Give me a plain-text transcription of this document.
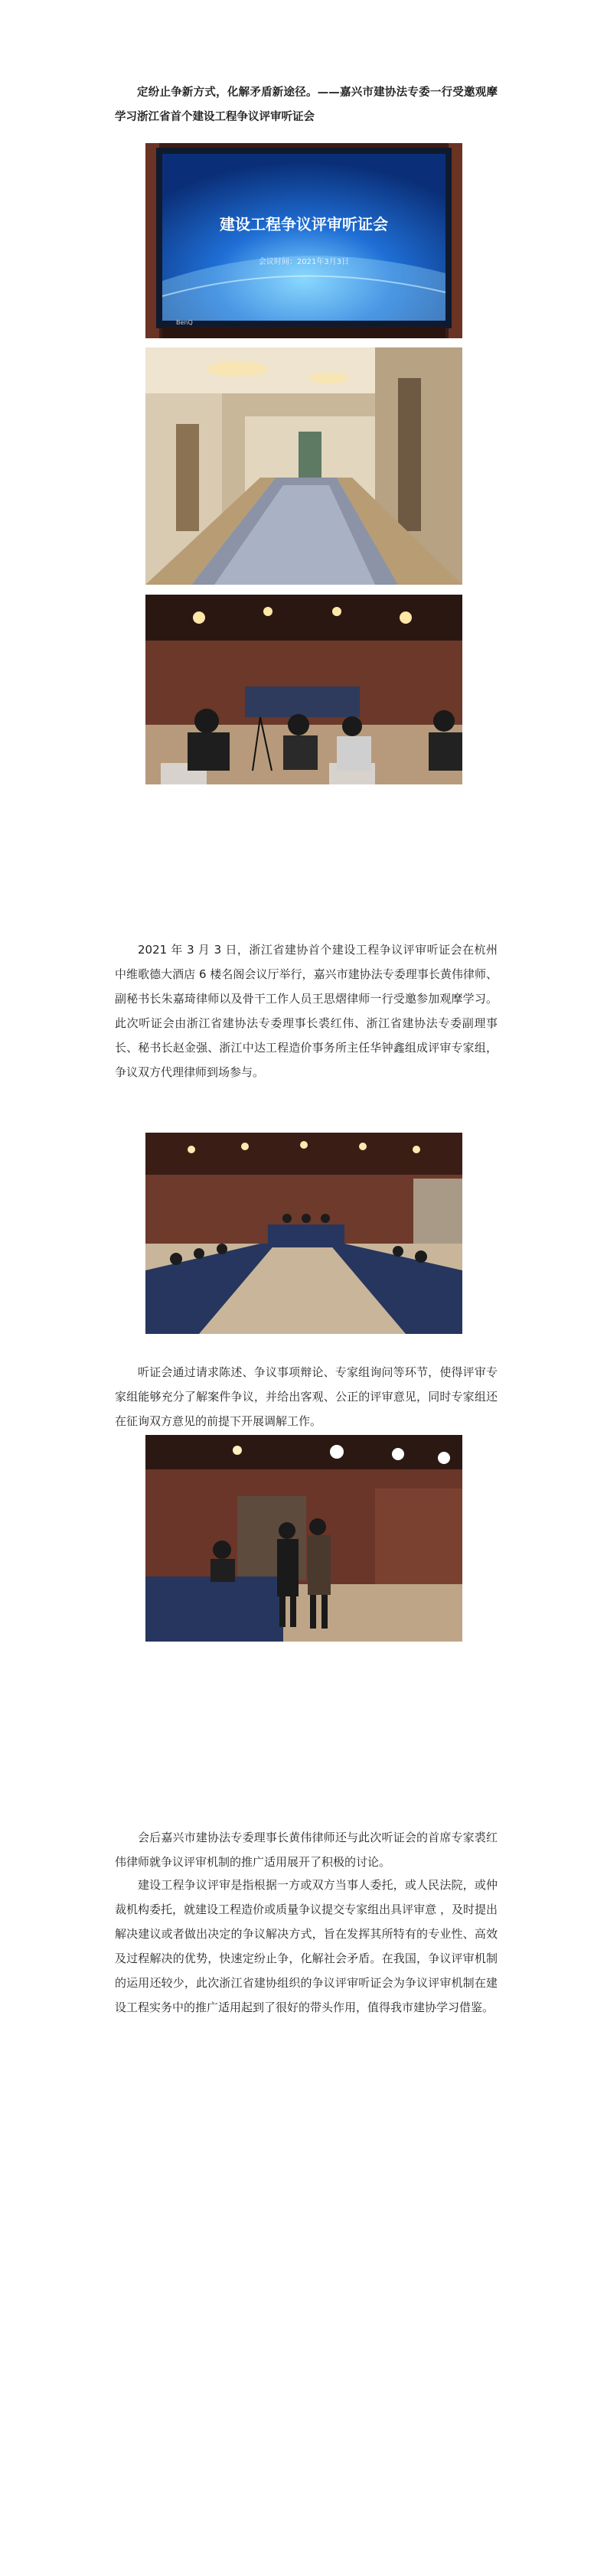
定纷止争新方式，化解矛盾新途径。——嘉兴市建协法专委一行受邀观摩学习浙江省首个建设工程争议评审听证会

建设工程争议评审听证会
会议时间：2021年3月3日
BenQ

2021 年 3 月 3 日，浙江省建协首个建设工程争议评审听证会在杭州中维歌德大酒店 6 楼名阁会议厅举行，嘉兴市建协法专委理事长黄伟律师、副秘书长朱嘉琦律师以及骨干工作人员王思熠律师一行受邀参加观摩学习。此次听证会由浙江省建协法专委理事长裘红伟、浙江省建协法专委副理事长、秘书长赵金强、浙江中达工程造价事务所主任华钟鑫组成评审专家组，争议双方代理律师到场参与。

听证会通过请求陈述、争议事项辩论、专家组询问等环节，使得评审专家组能够充分了解案件争议，并给出客观、公正的评审意见，同时专家组还在征询双方意见的前提下开展调解工作。

会后嘉兴市建协法专委理事长黄伟律师还与此次听证会的首席专家裘红伟律师就争议评审机制的推广适用展开了积极的讨论。

建设工程争议评审是指根据一方或双方当事人委托，或人民法院，或仲裁机构委托，就建设工程造价或质量争议提交专家组出具评审意 ，及时提出解决建议或者做出决定的争议解决方式，旨在发挥其所特有的专业性、高效及过程解决的优势，快速定纷止争，化解社会矛盾。在我国，争议评审机制的运用还较少，此次浙江省建协组织的争议评审听证会为争议评审机制在建设工程实务中的推广适用起到了很好的带头作用，值得我市建协学习借鉴。
